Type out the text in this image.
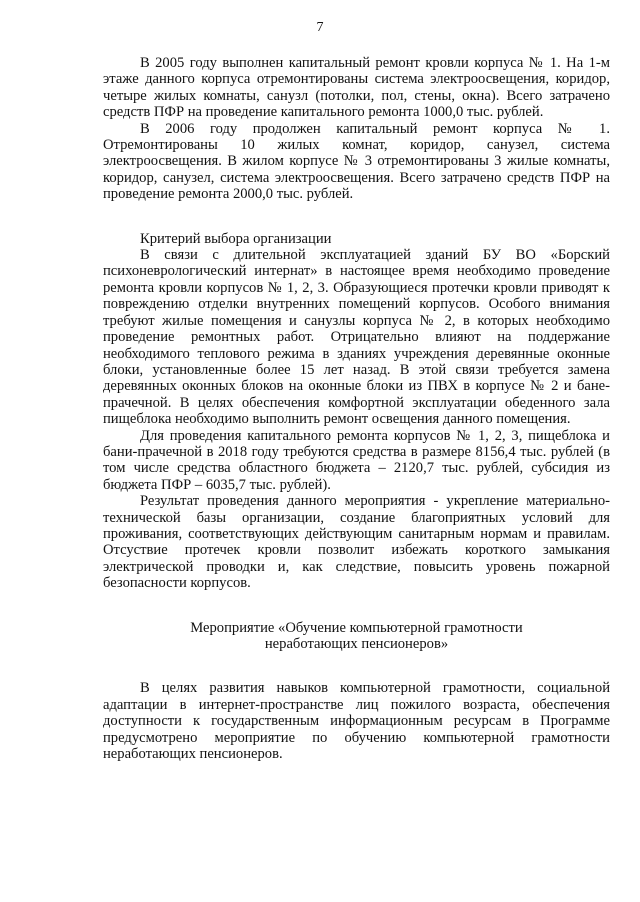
7

В 2005 году выполнен капитальный ремонт кровли корпуса № 1. На 1-м этаже данного корпуса отремонтированы система электроосвещения, коридор, четыре жилых комнаты, санузл (потолки, пол, стены, окна). Всего затрачено средств ПФР на проведение капитального ремонта 1000,0 тыс. рублей.

В 2006 году продолжен капитальный ремонт корпуса № 1. Отремонтированы 10 жилых комнат, коридор, санузел, система электроосвещения. В жилом корпусе № 3 отремонтированы 3 жилые комнаты, коридор, санузел, система электроосвещения. Всего затрачено средств ПФР на проведение ремонта 2000,0 тыс. рублей.

Критерий выбора организации

В связи с длительной эксплуатацией зданий БУ ВО «Борский психоневрологический интернат» в настоящее время необходимо проведение ремонта кровли корпусов № 1, 2, 3. Образующиеся протечки кровли приводят к повреждению отделки внутренних помещений корпусов. Особого внимания требуют жилые помещения и санузлы корпуса № 2, в которых необходимо проведение ремонтных работ. Отрицательно влияют на поддержание необходимого теплового режима в зданиях учреждения деревянные оконные блоки, установленные более 15 лет назад. В этой связи требуется замена деревянных оконных блоков на оконные блоки из ПВХ в корпусе № 2 и бане-прачечной. В целях обеспечения комфортной эксплуатации обеденного зала пищеблока необходимо выполнить ремонт освещения данного помещения.

Для проведения капитального ремонта корпусов № 1, 2, 3, пищеблока и бани-прачечной в 2018 году требуются средства в размере 8156,4 тыс. рублей (в том числе средства областного бюджета – 2120,7 тыс. рублей, субсидия из бюджета ПФР – 6035,7 тыс. рублей).

Результат проведения данного мероприятия - укрепление материально-технической базы организации, создание благоприятных условий для проживания, соответствующих действующим санитарным нормам и правилам. Отсуствие протечек кровли позволит избежать короткого замыкания электрической проводки и, как следствие, повысить уровень пожарной безопасности корпусов.

Мероприятие «Обучение компьютерной грамотности

неработающих пенсионеров»

В целях развития навыков компьютерной грамотности, социальной адаптации в интернет-пространстве лиц пожилого возраста, обеспечения доступности к государственным информационным ресурсам в Программе предусмотрено мероприятие по обучению компьютерной грамотности неработающих пенсионеров.
